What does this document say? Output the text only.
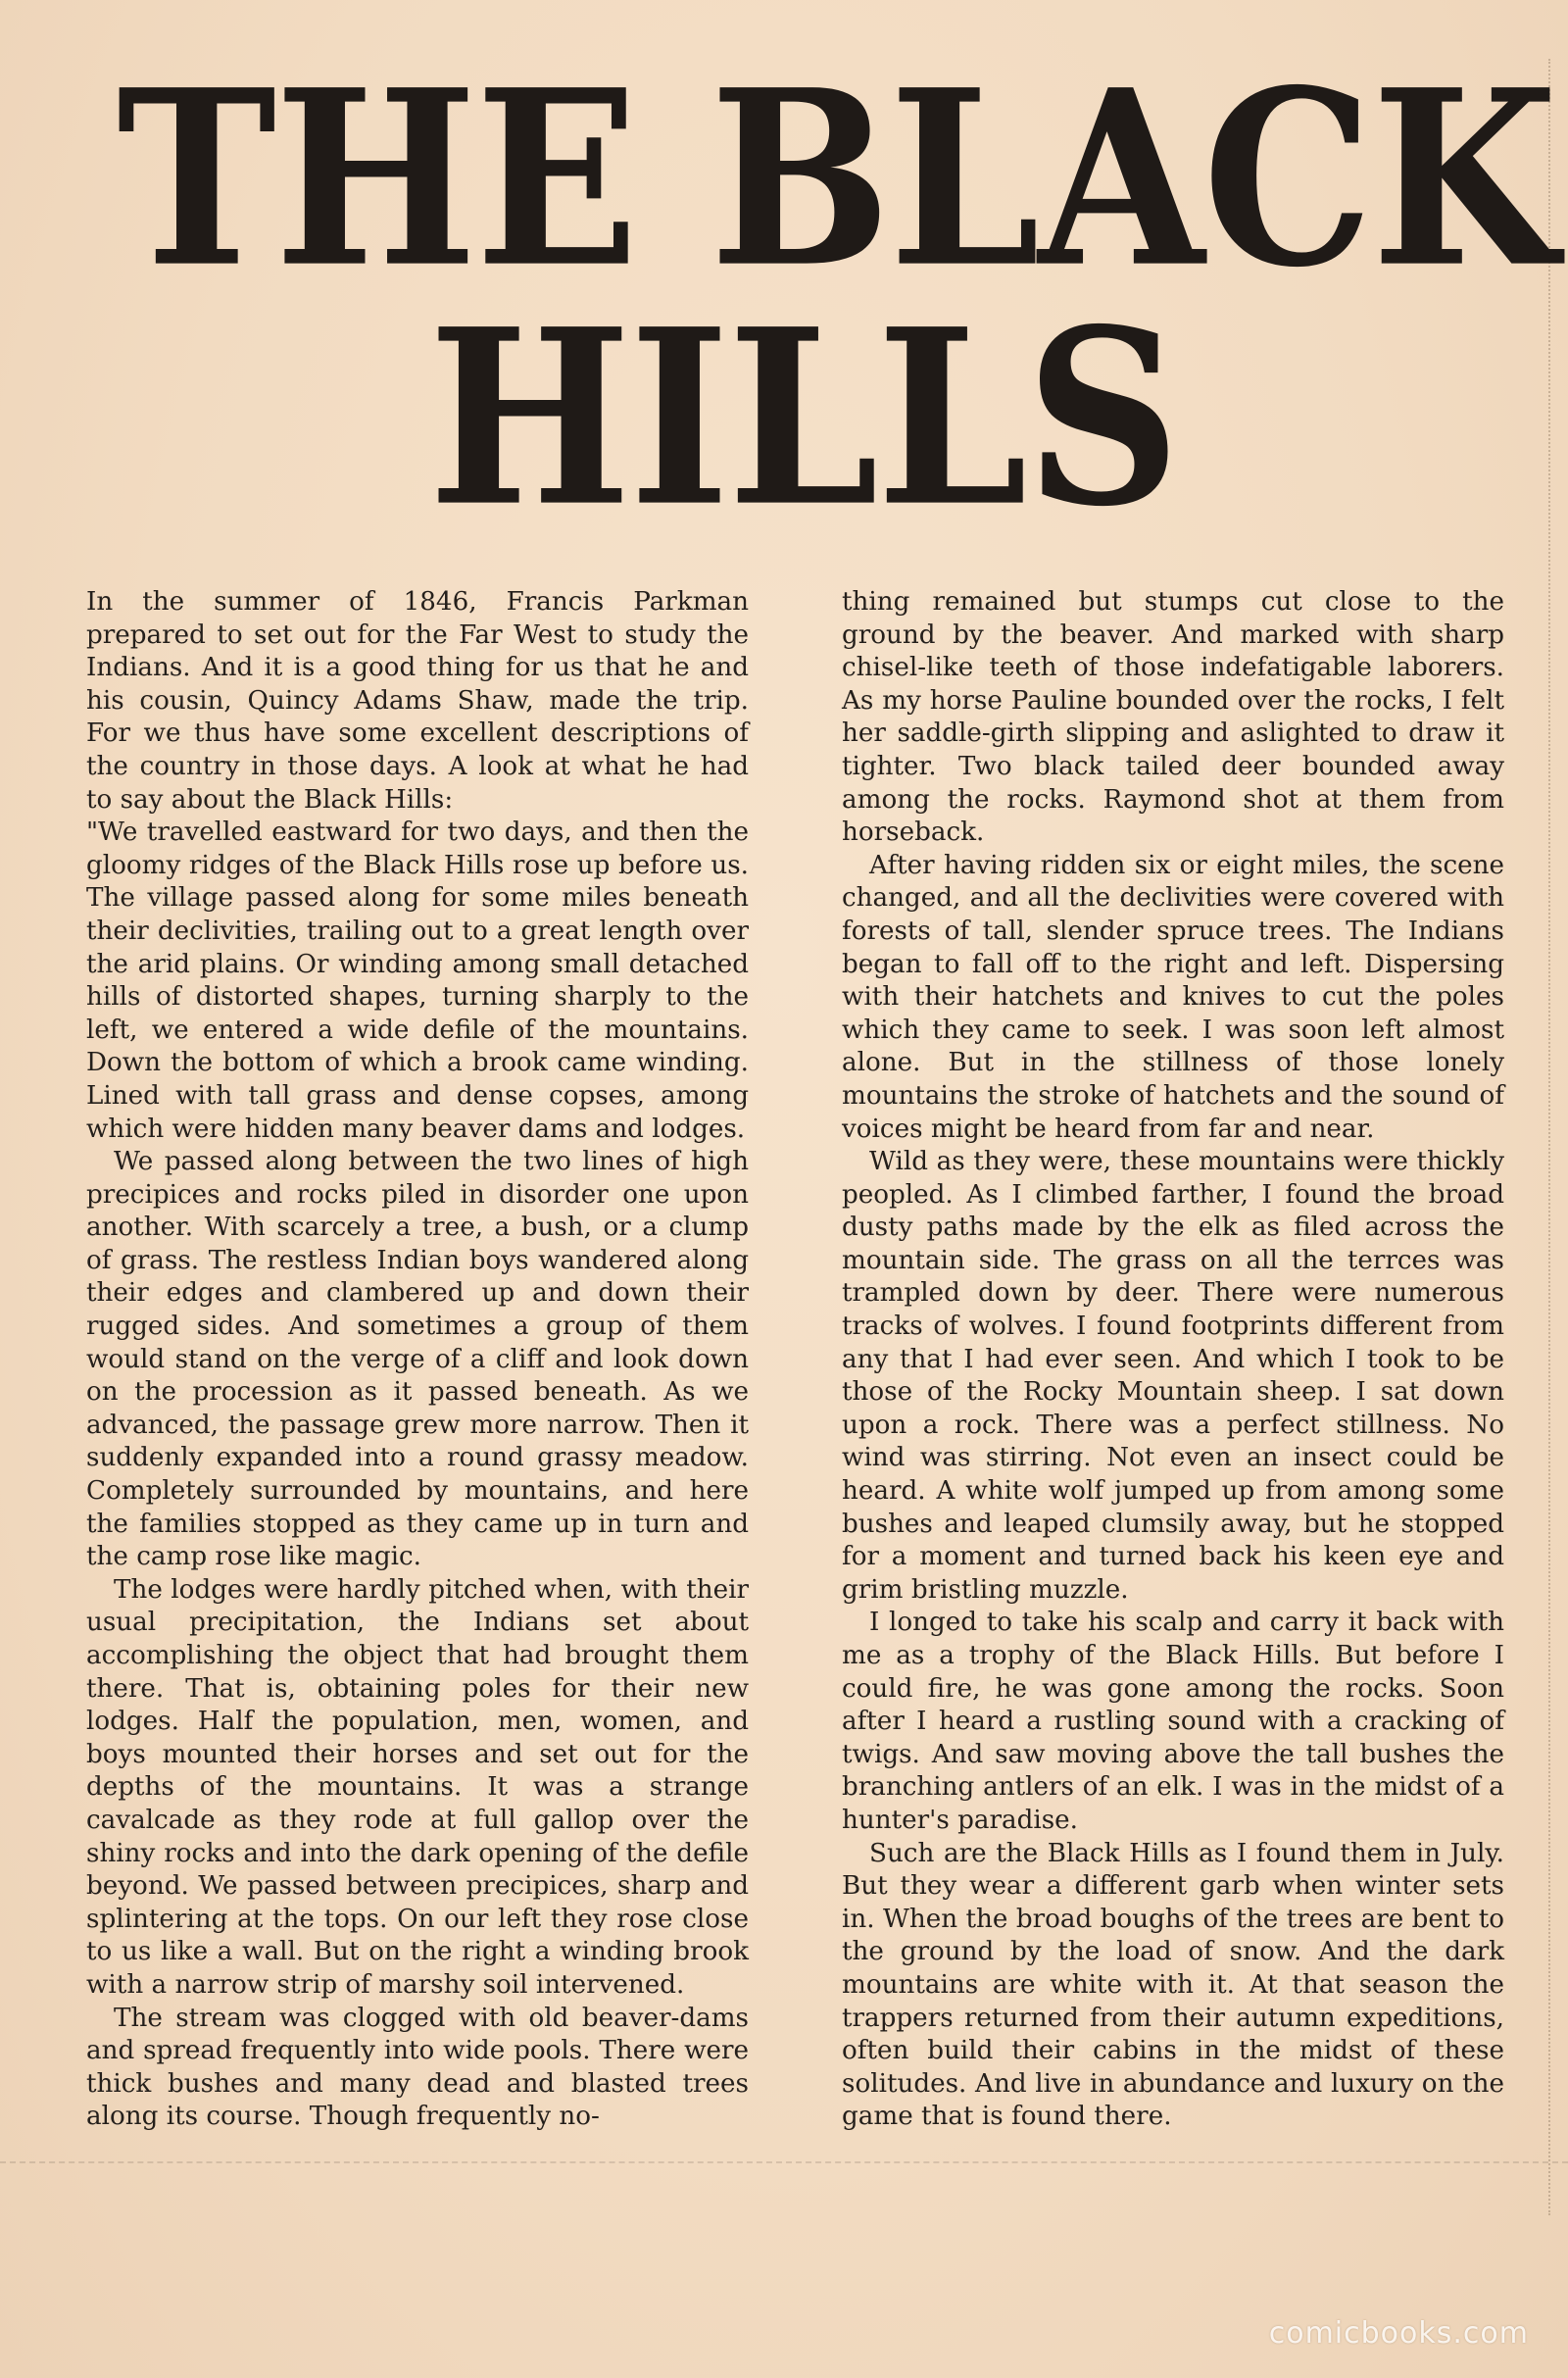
THE BLACK
HILLS

In the summer of 1846, Francis Parkman prepared to set out for the Far West to study the Indians. And it is a good thing for us that he and his cousin, Quincy Adams Shaw, made the trip. For we thus have some excellent descriptions of the country in those days. A look at what he had to say about the Black Hills:

"We travelled eastward for two days, and then the gloomy ridges of the Black Hills rose up before us. The village passed along for some miles beneath their declivities, trailing out to a great length over the arid plains. Or winding among small detached hills of distorted shapes, turning sharply to the left, we entered a wide defile of the mountains. Down the bottom of which a brook came winding. Lined with tall grass and dense copses, among which were hidden many beaver dams and lodges.

We passed along between the two lines of high precipices and rocks piled in disorder one upon another. With scarcely a tree, a bush, or a clump of grass. The restless Indian boys wandered along their edges and clambered up and down their rugged sides. And sometimes a group of them would stand on the verge of a cliff and look down on the procession as it passed beneath. As we advanced, the passage grew more narrow. Then it suddenly expanded into a round grassy meadow. Completely surrounded by mountains, and here the families stopped as they came up in turn and the camp rose like magic.

The lodges were hardly pitched when, with their usual precipitation, the Indians set about accomplishing the object that had brought them there. That is, obtaining poles for their new lodges. Half the population, men, women, and boys mounted their horses and set out for the depths of the mountains. It was a strange cavalcade as they rode at full gallop over the shiny rocks and into the dark opening of the defile beyond. We passed between precipices, sharp and splintering at the tops. On our left they rose close to us like a wall. But on the right a winding brook with a narrow strip of marshy soil intervened.

The stream was clogged with old beaver-dams and spread frequently into wide pools. There were thick bushes and many dead and blasted trees along its course. Though frequently no-

thing remained but stumps cut close to the ground by the beaver. And marked with sharp chisel-like teeth of those indefatigable laborers. As my horse Pauline bounded over the rocks, I felt her saddle-girth slipping and aslighted to draw it tighter. Two black tailed deer bounded away among the rocks. Raymond shot at them from horseback.

After having ridden six or eight miles, the scene changed, and all the declivities were covered with forests of tall, slender spruce trees. The Indians began to fall off to the right and left. Dispersing with their hatchets and knives to cut the poles which they came to seek. I was soon left almost alone. But in the stillness of those lonely mountains the stroke of hatchets and the sound of voices might be heard from far and near.

Wild as they were, these mountains were thickly peopled. As I climbed farther, I found the broad dusty paths made by the elk as filed across the mountain side. The grass on all the terrces was trampled down by deer. There were numerous tracks of wolves. I found footprints different from any that I had ever seen. And which I took to be those of the Rocky Mountain sheep. I sat down upon a rock. There was a perfect stillness. No wind was stirring. Not even an insect could be heard. A white wolf jumped up from among some bushes and leaped clumsily away, but he stopped for a moment and turned back his keen eye and grim bristling muzzle.

I longed to take his scalp and carry it back with me as a trophy of the Black Hills. But before I could fire, he was gone among the rocks. Soon after I heard a rustling sound with a cracking of twigs. And saw moving above the tall bushes the branching antlers of an elk. I was in the midst of a hunter's paradise.

Such are the Black Hills as I found them in July. But they wear a different garb when winter sets in. When the broad boughs of the trees are bent to the ground by the load of snow. And the dark mountains are white with it. At that season the trappers returned from their autumn expeditions, often build their cabins in the midst of these solitudes. And live in abundance and luxury on the game that is found there.

comicbooks.com
